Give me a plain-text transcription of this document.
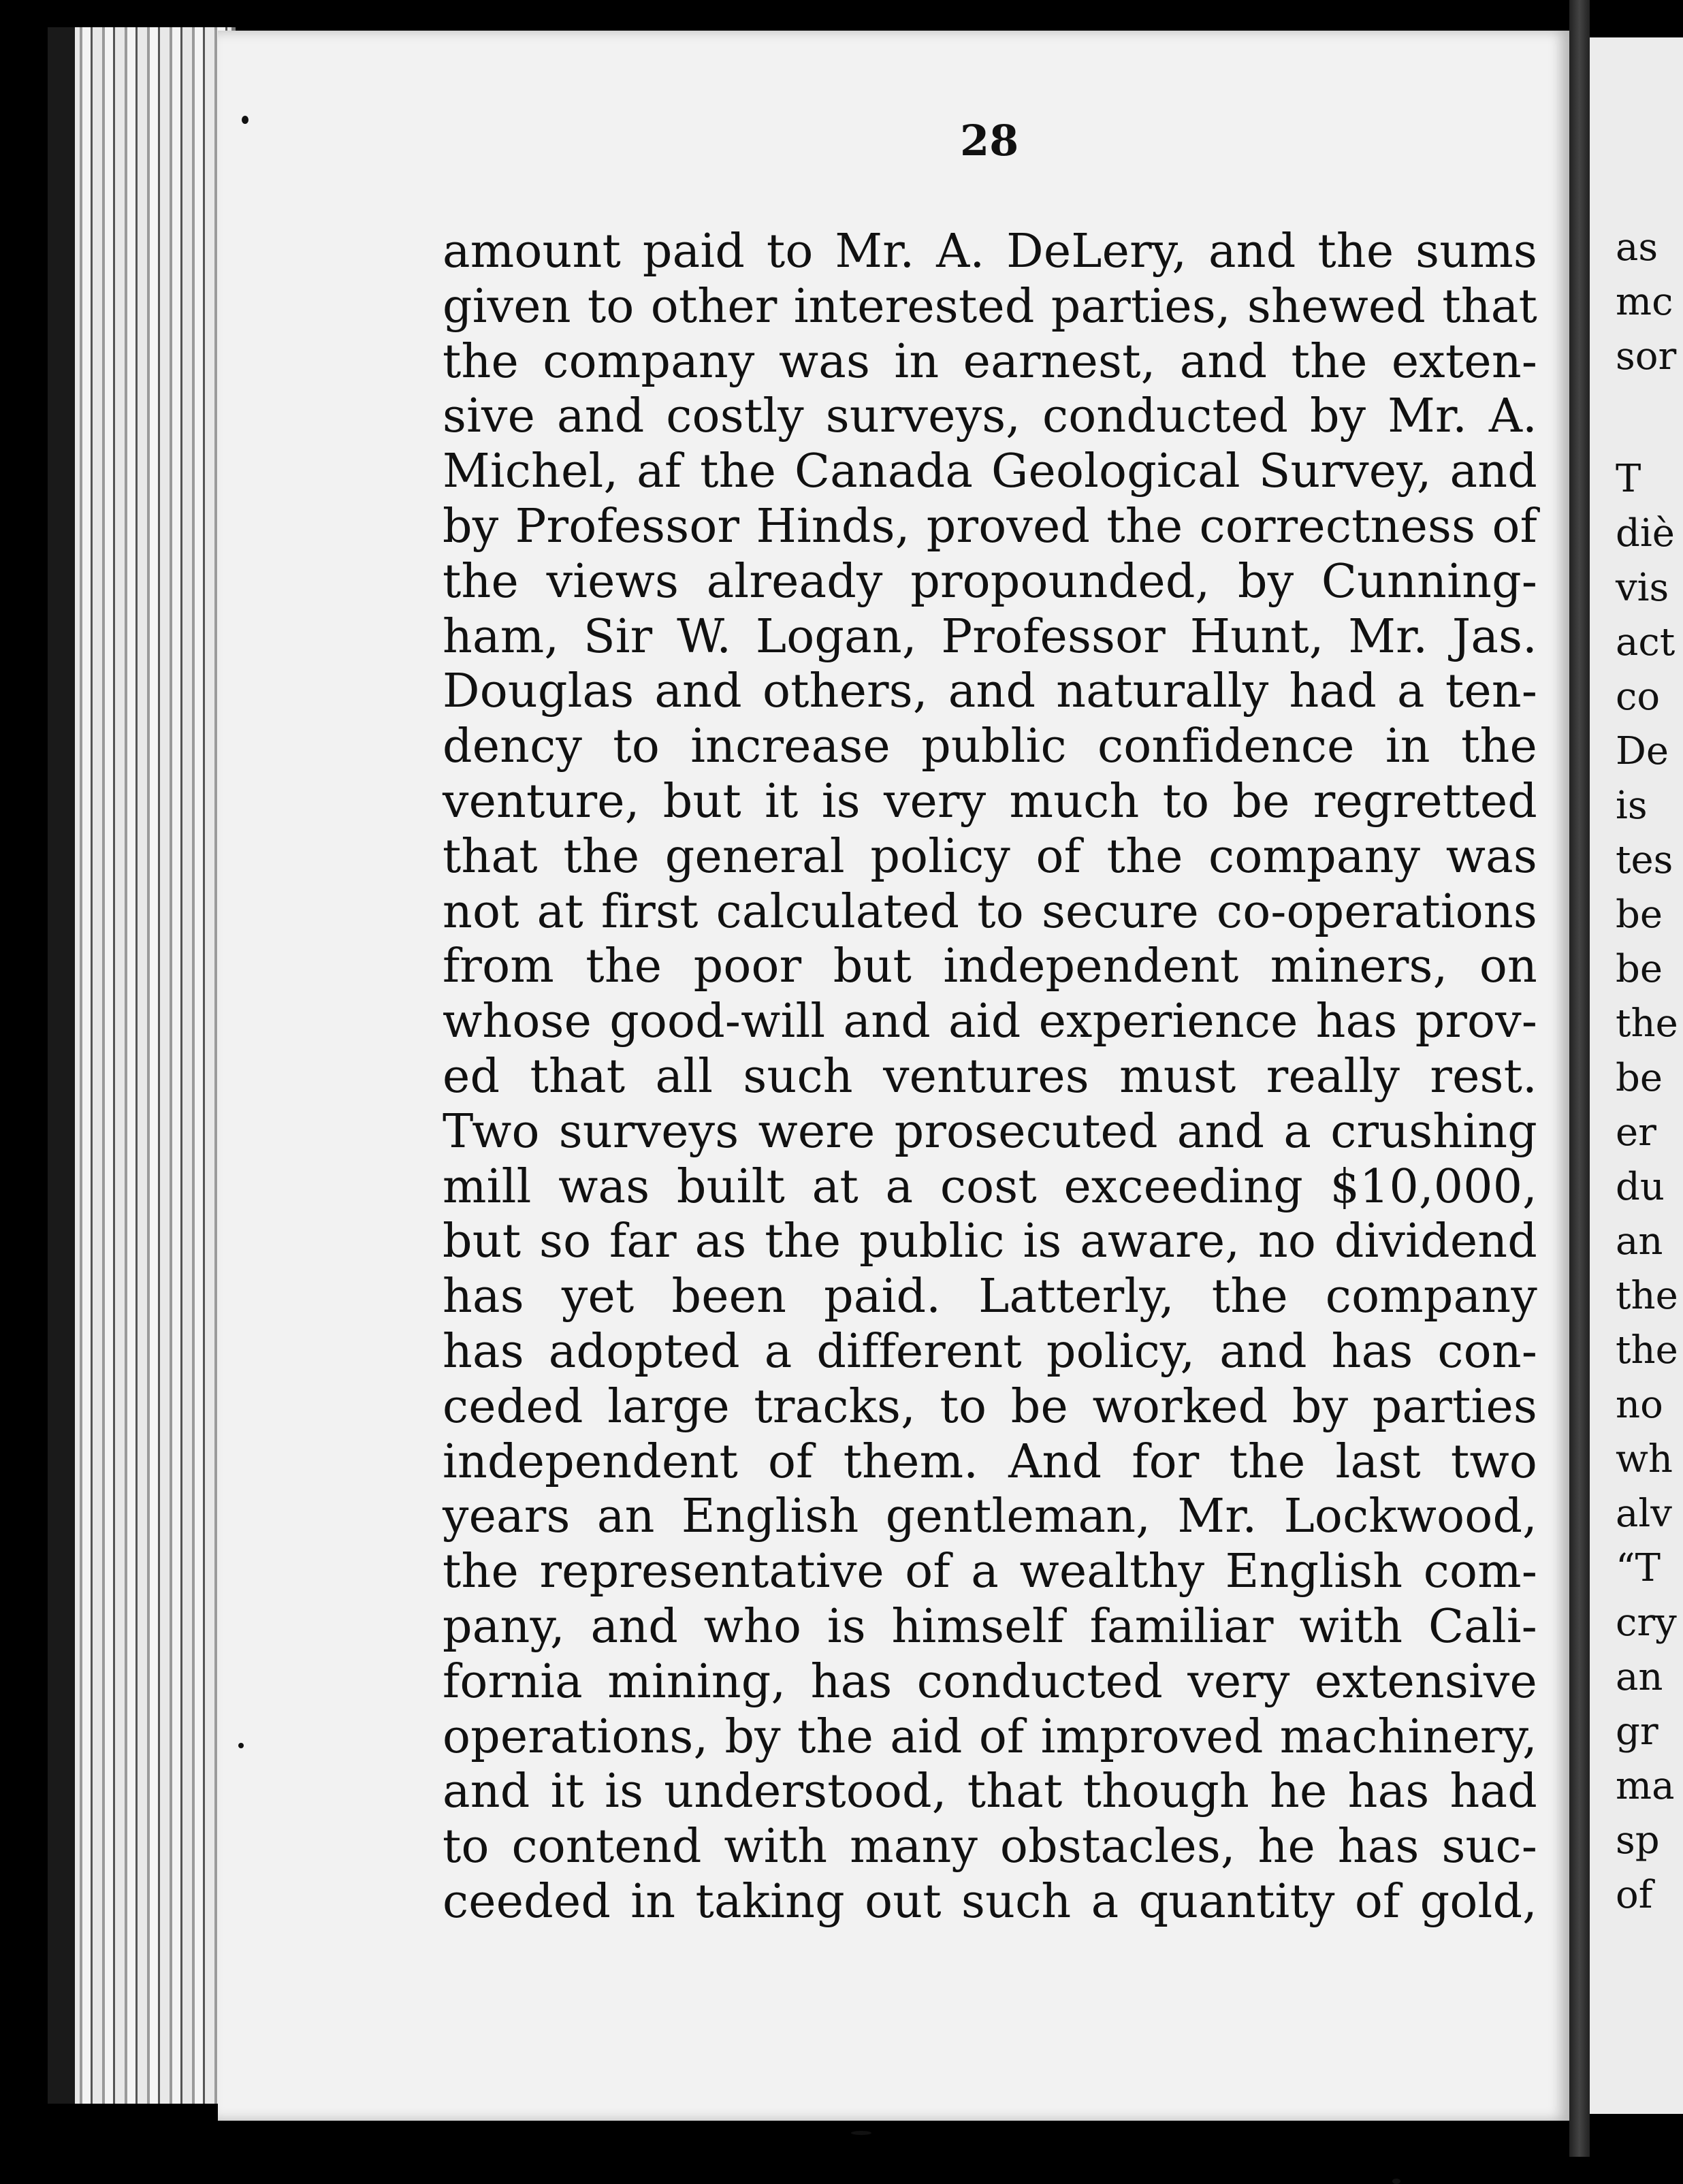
as
mc
sor
T
diè
vis
act
co
De
is
tes
be
be
the
be
er
du
an
the
the
no
wh
alv
“T
cry
an
gr
ma
sp
of
28
amount paid to Mr. A. DeLery, and the sums
given to other interested parties, shewed that
the company was in earnest, and the exten-
sive and costly surveys, conducted by Mr. A.
Michel, af the Canada Geological Survey, and
by Professor Hinds, proved the correctness of
the views already propounded, by Cunning-
ham, Sir W. Logan, Professor Hunt, Mr. Jas.
Douglas and others, and naturally had a ten-
dency to increase public confidence in the
venture, but it is very much to be regretted
that the general policy of the company was
not at first calculated to secure co-operations
from the poor but independent miners, on
whose good-will and aid experience has prov-
ed that all such ventures must really rest.
Two surveys were prosecuted and a crushing
mill was built at a cost exceeding $10,000,
but so far as the public is aware, no dividend
has yet been paid. Latterly, the company
has adopted a different policy, and has con-
ceded large tracks, to be worked by parties
independent of them. And for the last two
years an English gentleman, Mr. Lockwood,
the representative of a wealthy English com-
pany, and who is himself familiar with Cali-
fornia mining, has conducted very extensive
operations, by the aid of improved machinery,
and it is understood, that though he has had
to contend with many obstacles, he has suc-
ceeded in taking out such a quantity of gold,
